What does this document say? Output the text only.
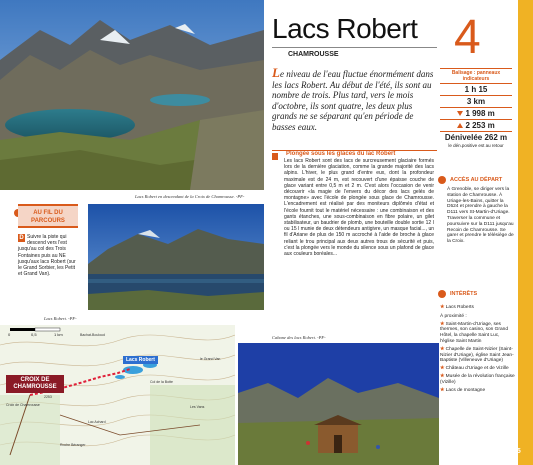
Lacs Robert en descendant de la Croix de Chamrousse. -PF-
AU FIL DU PARCOURS
D Suivre la piste qui descend vers l'est jusqu'au col des Trois Fontaines puis au NE jusqu'aux lacs Robert (sur le Grand Sorbier, les Petit et Grand Van).
Lacs Robert. -PF-
0	0,5	1 km
Lacs Robert
CROIX DE CHAMROUSSE
Croix de Chamrousse
2253
Bachat-Bouloud
le Grand Van
Col de la Botte
Lac Achard
Roche Béranger
Les Vans
Lacs Robert
CHAMROUSSE
Le niveau de l'eau fluctue énormément dans les lacs Robert. Au début de l'été, ils sont au nombre de trois. Plus tard, vers le mois d'octobre, ils sont quatre, les deux plus grands ne se séparant qu'en période de basses eaux.
Plongée sous les glaces du lac Robert
Les lacs Robert sont des lacs de surcreusement glaciaire formés lors de la dernière glaciation, comme la grande majorité des lacs alpins. L'hiver, le plus grand d'entre eux, dont la profondeur maximale est de 24 m, est recouvert d'une épaisse couche de glace variant entre 0,5 m et 2 m. C'est alors l'occasion de venir découvrir «la magie de l'envers du décor des lacs gelés de montagne» avec l'école de plongée sous glace de Chamrousse. L'encadrement est réalisé par des moniteurs diplômés d'état et l'école fournit tout le matériel nécessaire : une combinaison et des gants étanches, une sous-combinaison en fibre polaire, un gilet stabilisateur, un baudrier de plomb, une bouteille double sortie 12 l ou 15 l munie de deux détendeurs antigivre, un masque facial..., un fil d'Ariane de plus de 150 m accroché à l'aide de broche à glace reliant le trou principal aux deux autres trous de sécurité et puis, c'est la plongée vers le monde du silence sous un plafond de glace aux couleurs boréales...
Cabane des lacs Robert. -PF-
4
Balisage : panneaux indicateurs
1 h 15
3 km
1 998 m
2 253 m
Dénivelée 262 m
le dén.positive est au retour
ACCÈS AU DÉPART
À Grenoble, se diriger vers la station de Chamrousse. À Uriage-les-Bains, quitter la D524 et prendre à gauche la D111 vers St-Martin-d'Uriage. Traverser la commune et poursuivre sur la D111 jusqu'au Recoin de Chamrousse. Se garer et prendre le télésiège de la Croix.
INTÉRÊTS
★ Lacs Roberts
À proximité :
★ Saint-Martin-d'Uriage, ses thermes, son casino, son Grand Hôtel, la chapelle Saint Luc, l'église Saint Martin
★ Chapelle de Saint-Nizier (Saint-Nizier d'Uriage), église Saint Jean-Baptiste (Villeneuve d'Uriage)
★ Château d'Uriage et de Vizille
★ Musée de la révolution française (Vizille)
★ Lacs de montagne
15
